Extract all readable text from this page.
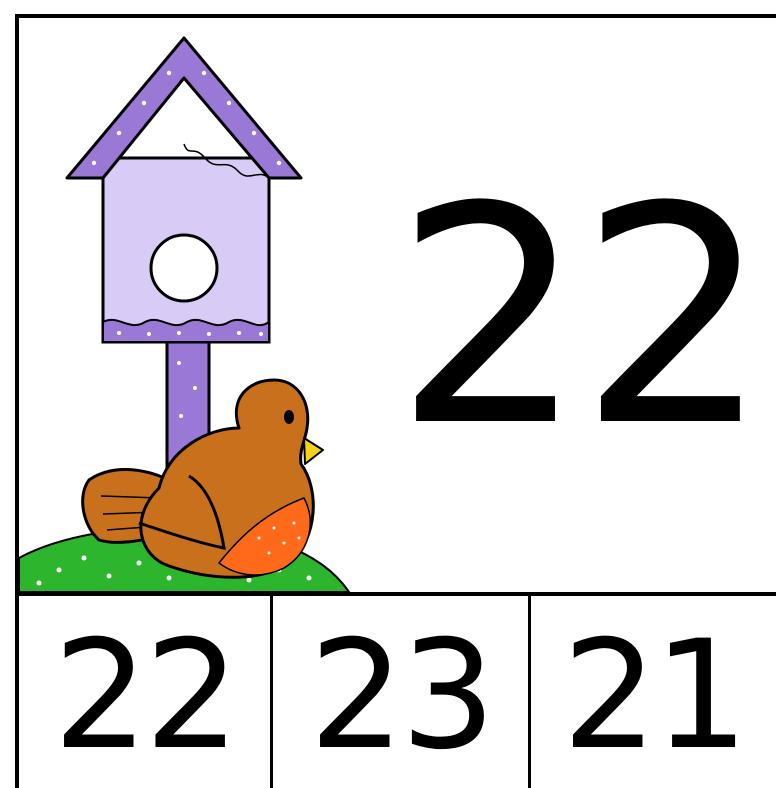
22
22 23 21
